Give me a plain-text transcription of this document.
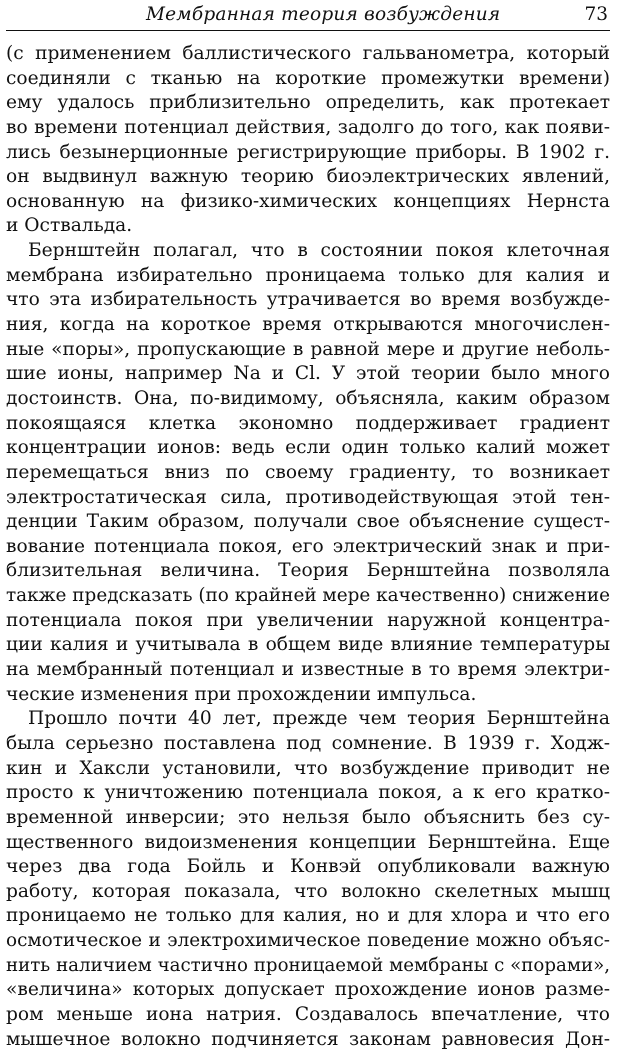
Мембранная теория возбуждения	73
(с применением баллистического гальванометра, который
соединяли с тканью на короткие промежутки времени)
ему удалось приблизительно определить, как протекает
во времени потенциал действия, задолго до того, как появи-
лись безынерционные регистрирующие приборы. В 1902 г.
он выдвинул важную теорию биоэлектрических явлений,
основанную на физико-химических концепциях Нернста
и Оствальда.
Бернштейн полагал, что в состоянии покоя клеточная
мембрана избирательно проницаема только для калия и
что эта избирательность утрачивается во время возбужде-
ния, когда на короткое время открываются многочислен-
ные «поры», пропускающие в равной мере и другие неболь-
шие ионы, например Na и Cl. У этой теории было много
достоинств. Она, по-видимому, объясняла, каким образом
покоящаяся клетка экономно поддерживает градиент
концентрации ионов: ведь если один только калий может
перемещаться вниз по своему градиенту, то возникает
электростатическая сила, противодействующая этой тен-
денции Таким образом, получали свое объяснение сущест-
вование потенциала покоя, его электрический знак и при-
близительная величина. Теория Бернштейна позволяла
также предсказать (по крайней мере качественно) снижение
потенциала покоя при увеличении наружной концентра-
ции калия и учитывала в общем виде влияние температуры
на мембранный потенциал и известные в то время электри-
ческие изменения при прохождении импульса.
Прошло почти 40 лет, прежде чем теория Бернштейна
была серьезно поставлена под сомнение. В 1939 г. Ходж-
кин и Хаксли установили, что возбуждение приводит не
просто к уничтожению потенциала покоя, а к его кратко-
временной инверсии; это нельзя было объяснить без су-
щественного видоизменения концепции Бернштейна. Еще
через два года Бойль и Конвэй опубликовали важную
работу, которая показала, что волокно скелетных мышц
проницаемо не только для калия, но и для хлора и что его
осмотическое и электрохимическое поведение можно объяс-
нить наличием частично проницаемой мембраны с «порами»,
«величина» которых допускает прохождение ионов разме-
ром меньше иона натрия. Создавалось впечатление, что
мышечное волокно подчиняется законам равновесия Дон-
